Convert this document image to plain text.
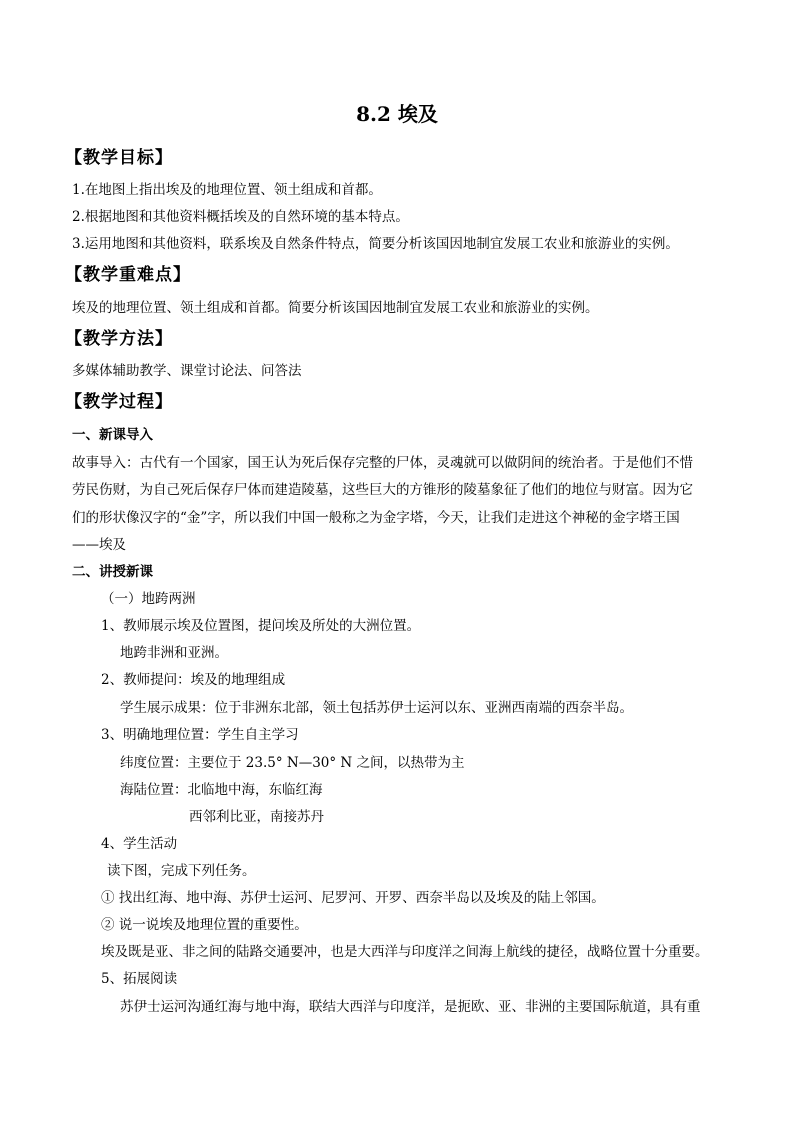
8.2 埃及
【教学目标】
1.在地图上指出埃及的地理位置、领土组成和首都。
2.根据地图和其他资料概括埃及的自然环境的基本特点。
3.运用地图和其他资料，联系埃及自然条件特点，简要分析该国因地制宜发展工农业和旅游业的实例。
【教学重难点】
埃及的地理位置、领土组成和首都。简要分析该国因地制宜发展工农业和旅游业的实例。
【教学方法】
多媒体辅助教学、课堂讨论法、问答法
【教学过程】
一、新课导入
故事导入：古代有一个国家，国王认为死后保存完整的尸体，灵魂就可以做阴间的统治者。于是他们不惜
劳民伤财，为自己死后保存尸体而建造陵墓，这些巨大的方锥形的陵墓象征了他们的地位与财富。因为它
们的形状像汉字的“金”字，所以我们中国一般称之为金字塔，今天，让我们走进这个神秘的金字塔王国
——埃及
二、讲授新课
（一）地跨两洲
1、教师展示埃及位置图，提问埃及所处的大洲位置。
地跨非洲和亚洲。
2、教师提问：埃及的地理组成
学生展示成果：位于非洲东北部，领土包括苏伊士运河以东、亚洲西南端的西奈半岛。
3、明确地理位置：学生自主学习
纬度位置：主要位于 23.5° N—30° N 之间，以热带为主
海陆位置：北临地中海，东临红海
西邻利比亚，南接苏丹
4、学生活动
读下图，完成下列任务。
① 找出红海、地中海、苏伊士运河、尼罗河、开罗、西奈半岛以及埃及的陆上邻国。
② 说一说埃及地理位置的重要性。
埃及既是亚、非之间的陆路交通要冲，也是大西洋与印度洋之间海上航线的捷径，战略位置十分重要。
5、拓展阅读
苏伊士运河沟通红海与地中海，联结大西洋与印度洋，是扼欧、亚、非洲的主要国际航道，具有重
